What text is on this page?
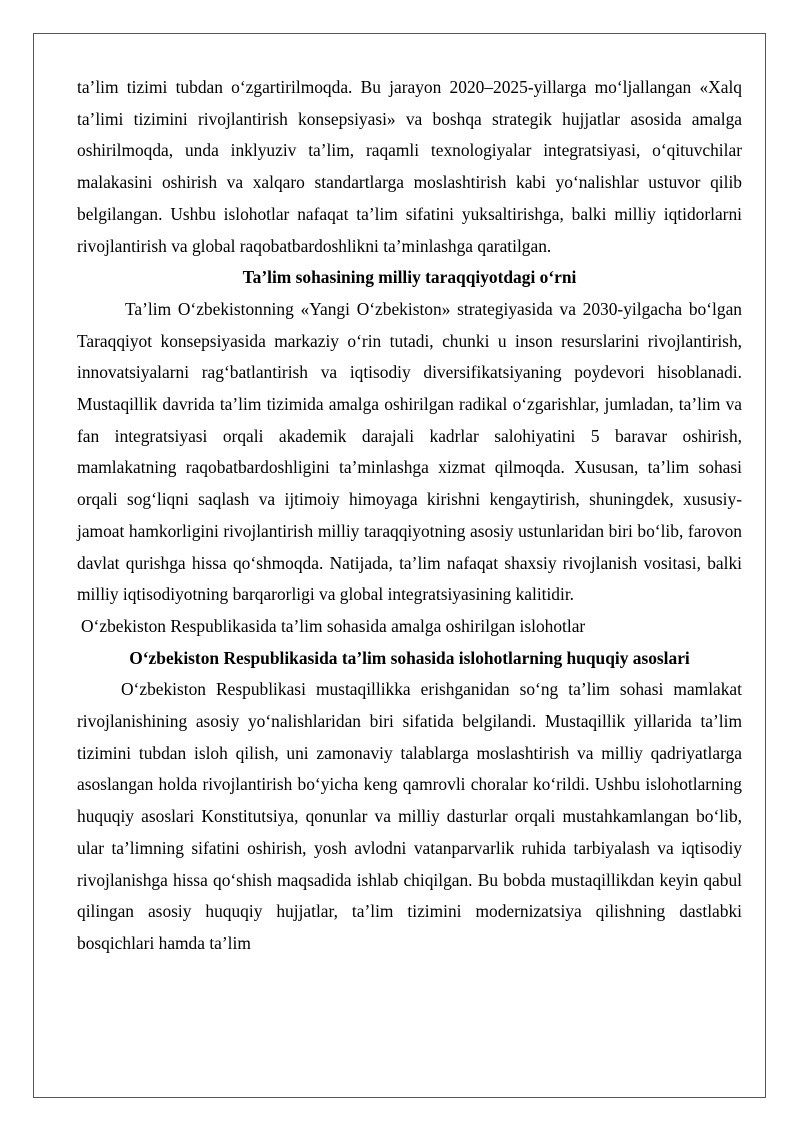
ta’lim tizimi tubdan o‘zgartirilmoqda. Bu jarayon 2020–2025-yillarga mo‘ljallangan «Xalq ta’limi tizimini rivojlantirish konsepsiyasi» va boshqa strategik hujjatlar asosida amalga oshirilmoqda, unda inklyuziv ta’lim, raqamli texnologiyalar integratsiyasi, o‘qituvchilar malakasini oshirish va xalqaro standartlarga moslashtirish kabi yo‘nalishlar ustuvor qilib belgilangan. Ushbu islohotlar nafaqat ta’lim sifatini yuksaltirishga, balki milliy iqtidorlarni rivojlantirish va global raqobatbardoshlikni ta’minlashga qaratilgan.

Ta’lim sohasining milliy taraqqiyotdagi o‘rni

Ta’lim O‘zbekistonning «Yangi O‘zbekiston» strategiyasida va 2030-yilgacha bo‘lgan Taraqqiyot konsepsiyasida markaziy o‘rin tutadi, chunki u inson resurslarini rivojlantirish, innovatsiyalarni rag‘batlantirish va iqtisodiy diversifikatsiyaning poydevori hisoblanadi. Mustaqillik davrida ta’lim tizimida amalga oshirilgan radikal o‘zgarishlar, jumladan, ta’lim va fan integratsiyasi orqali akademik darajali kadrlar salohiyatini 5 baravar oshirish, mamlakatning raqobatbardoshligini ta’minlashga xizmat qilmoqda. Xususan, ta’lim sohasi orqali sog‘liqni saqlash va ijtimoiy himoyaga kirishni kengaytirish, shuningdek, xususiy-jamoat hamkorligini rivojlantirish milliy taraqqiyotning asosiy ustunlaridan biri bo‘lib, farovon davlat qurishga hissa qo‘shmoqda. Natijada, ta’lim nafaqat shaxsiy rivojlanish vositasi, balki milliy iqtisodiyotning barqarorligi va global integratsiyasining kalitidir.

O‘zbekiston Respublikasida ta’lim sohasida amalga oshirilgan islohotlar

O‘zbekiston Respublikasida ta’lim sohasida islohotlarning huquqiy asoslari

O‘zbekiston Respublikasi mustaqillikka erishganidan so‘ng ta’lim sohasi mamlakat rivojlanishining asosiy yo‘nalishlaridan biri sifatida belgilandi. Mustaqillik yillarida ta’lim tizimini tubdan isloh qilish, uni zamonaviy talablarga moslashtirish va milliy qadriyatlarga asoslangan holda rivojlantirish bo‘yicha keng qamrovli choralar ko‘rildi. Ushbu islohotlarning huquqiy asoslari Konstitutsiya, qonunlar va milliy dasturlar orqali mustahkamlangan bo‘lib, ular ta’limning sifatini oshirish, yosh avlodni vatanparvarlik ruhida tarbiyalash va iqtisodiy rivojlanishga hissa qo‘shish maqsadida ishlab chiqilgan. Bu bobda mustaqillikdan keyin qabul qilingan asosiy huquqiy hujjatlar, ta’lim tizimini modernizatsiya qilishning dastlabki bosqichlari hamda ta’lim
